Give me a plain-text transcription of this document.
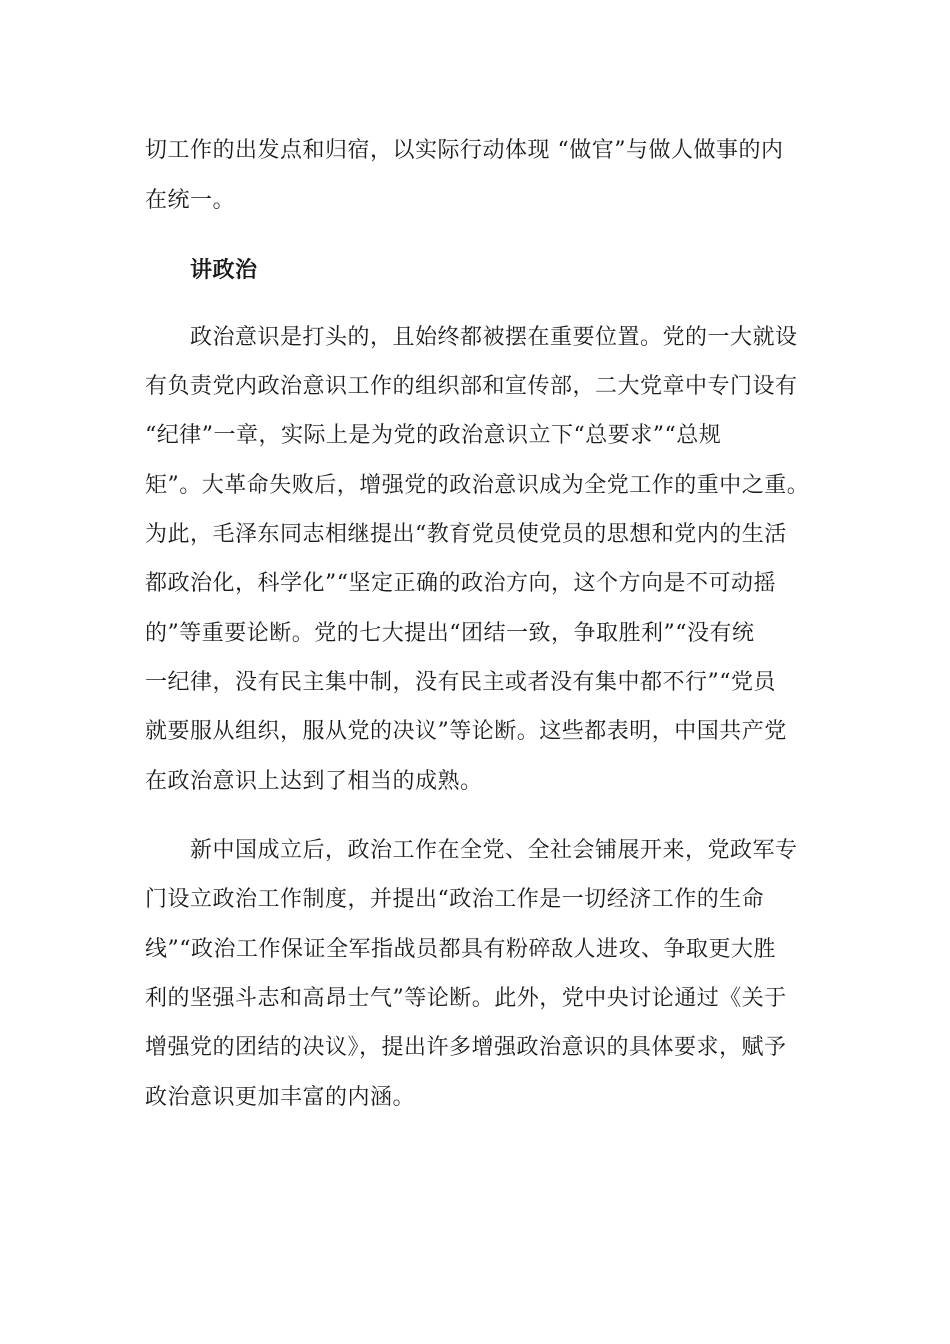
切工作的出发点和归宿，以实际行动体现 “做官”与做人做事的内
在统一。
讲政治
政治意识是打头的，且始终都被摆在重要位置。党的一大就设
有负责党内政治意识工作的组织部和宣传部，二大党章中专门设有
“纪律”一章，实际上是为党的政治意识立下“总要求”“总规
矩”。大革命失败后，增强党的政治意识成为全党工作的重中之重。
为此，毛泽东同志相继提出“教育党员使党员的思想和党内的生活
都政治化，科学化”“坚定正确的政治方向，这个方向是不可动摇
的”等重要论断。党的七大提出“团结一致，争取胜利”“没有统
一纪律，没有民主集中制，没有民主或者没有集中都不行”“党员
就要服从组织，服从党的决议”等论断。这些都表明，中国共产党
在政治意识上达到了相当的成熟。
新中国成立后，政治工作在全党、全社会铺展开来，党政军专
门设立政治工作制度，并提出“政治工作是一切经济工作的生命
线”“政治工作保证全军指战员都具有粉碎敌人进攻、争取更大胜
利的坚强斗志和高昂士气”等论断。此外，党中央讨论通过《关于
增强党的团结的决议》，提出许多增强政治意识的具体要求，赋予
政治意识更加丰富的内涵。
